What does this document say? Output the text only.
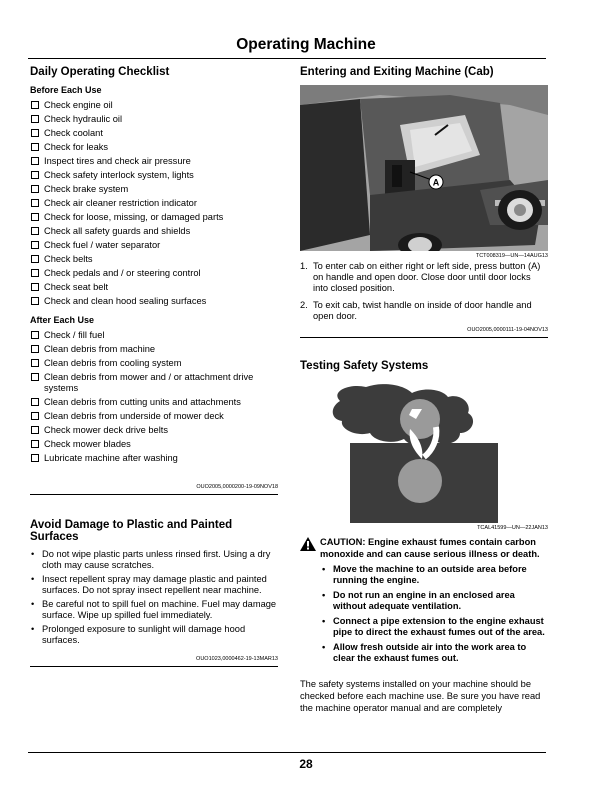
Operating Machine
Daily Operating Checklist
Before Each Use
Check engine oil
Check hydraulic oil
Check coolant
Check for leaks
Inspect tires and check air pressure
Check safety interlock system, lights
Check brake system
Check air cleaner restriction indicator
Check for loose, missing, or damaged parts
Check all safety guards and shields
Check fuel / water separator
Check belts
Check pedals and / or steering control
Check seat belt
Check and clean hood sealing surfaces
After Each Use
Check / fill fuel
Clean debris from machine
Clean debris from cooling system
Clean debris from mower and / or attachment drive systems
Clean debris from cutting units and attachments
Clean debris from underside of mower deck
Check mower deck drive belts
Check mower blades
Lubricate machine after washing

OUO2005,0000200-19-09NOV18

Avoid Damage to Plastic and Painted Surfaces
• Do not wipe plastic parts unless rinsed first. Using a dry cloth may cause scratches.
• Insect repellent spray may damage plastic and painted surfaces. Do not spray insect repellent near machine.
• Be careful not to spill fuel on machine. Fuel may damage surface. Wipe up spilled fuel immediately.
• Prolonged exposure to sunlight will damage hood surfaces.

OUO1023,0000462-19-13MAR13

Entering and Exiting Machine (Cab)
A

TCT008319—UN—14AUG13

1. To enter cab on either right or left side, press button (A) on handle and open door. Close door until door locks into closed position.
2. To exit cab, twist handle on inside of door handle and open door.

OUO2005,0000111-19-04NOV13

Testing Safety Systems

TCAL41599—UN—22JAN13

CAUTION: Engine exhaust fumes contain carbon monoxide and can cause serious illness or death.
• Move the machine to an outside area before running the engine.
• Do not run an engine in an enclosed area without adequate ventilation.
• Connect a pipe extension to the engine exhaust pipe to direct the exhaust fumes out of the area.
• Allow fresh outside air into the work area to clear the exhaust fumes out.

The safety systems installed on your machine should be checked before each machine use. Be sure you have read the machine operator manual and are completely

28
